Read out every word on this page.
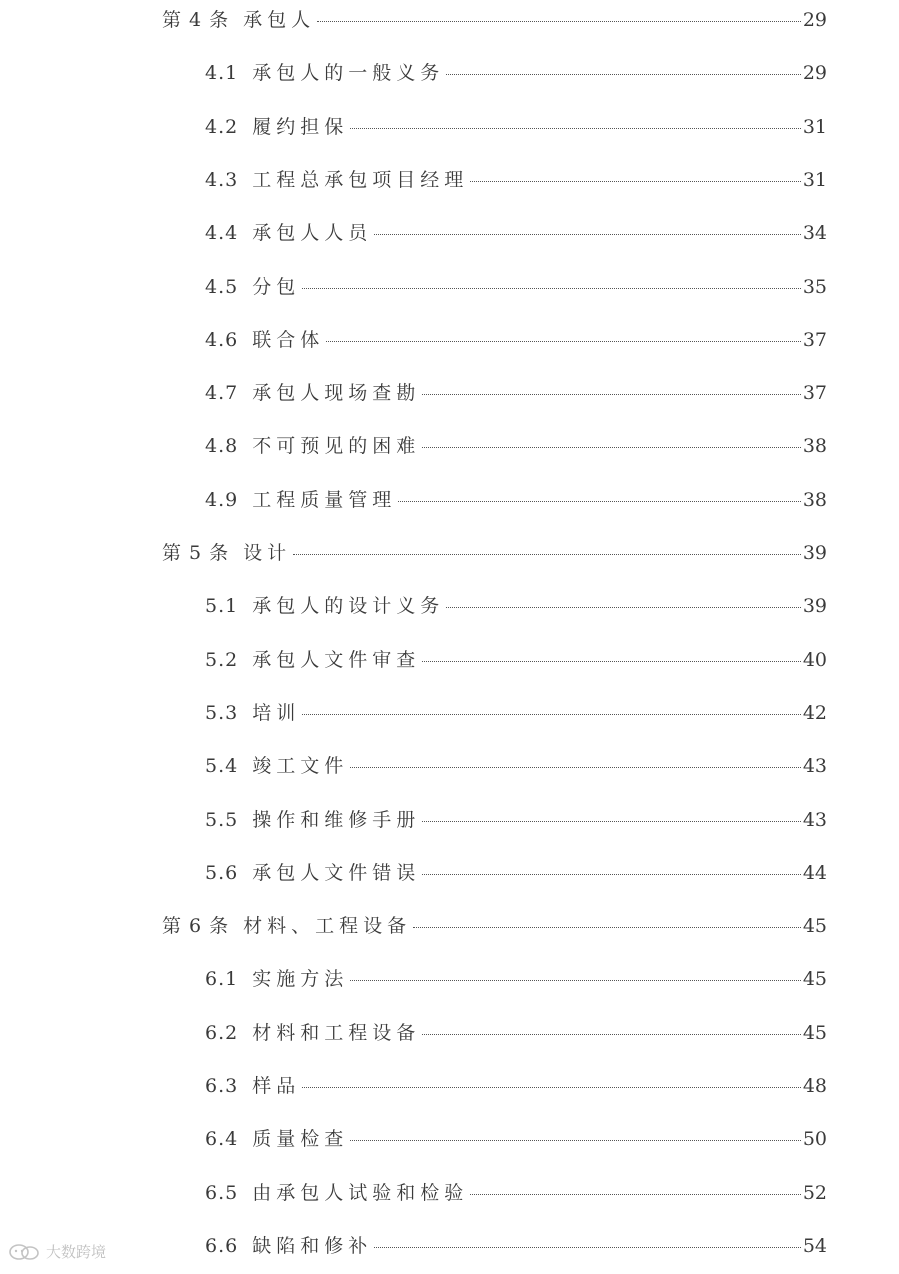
第 4 条 承包人	29
4.1 承包人的一般义务	29
4.2 履约担保	31
4.3 工程总承包项目经理	31
4.4 承包人人员	34
4.5 分包	35
4.6 联合体	37
4.7 承包人现场查勘	37
4.8 不可预见的困难	38
4.9 工程质量管理	38
第 5 条 设计	39
5.1 承包人的设计义务	39
5.2 承包人文件审查	40
5.3 培训	42
5.4 竣工文件	43
5.5 操作和维修手册	43
5.6 承包人文件错误	44
第 6 条 材料、工程设备	45
6.1 实施方法	45
6.2 材料和工程设备	45
6.3 样品	48
6.4 质量检查	50
6.5 由承包人试验和检验	52
6.6 缺陷和修补	54
大数跨境
